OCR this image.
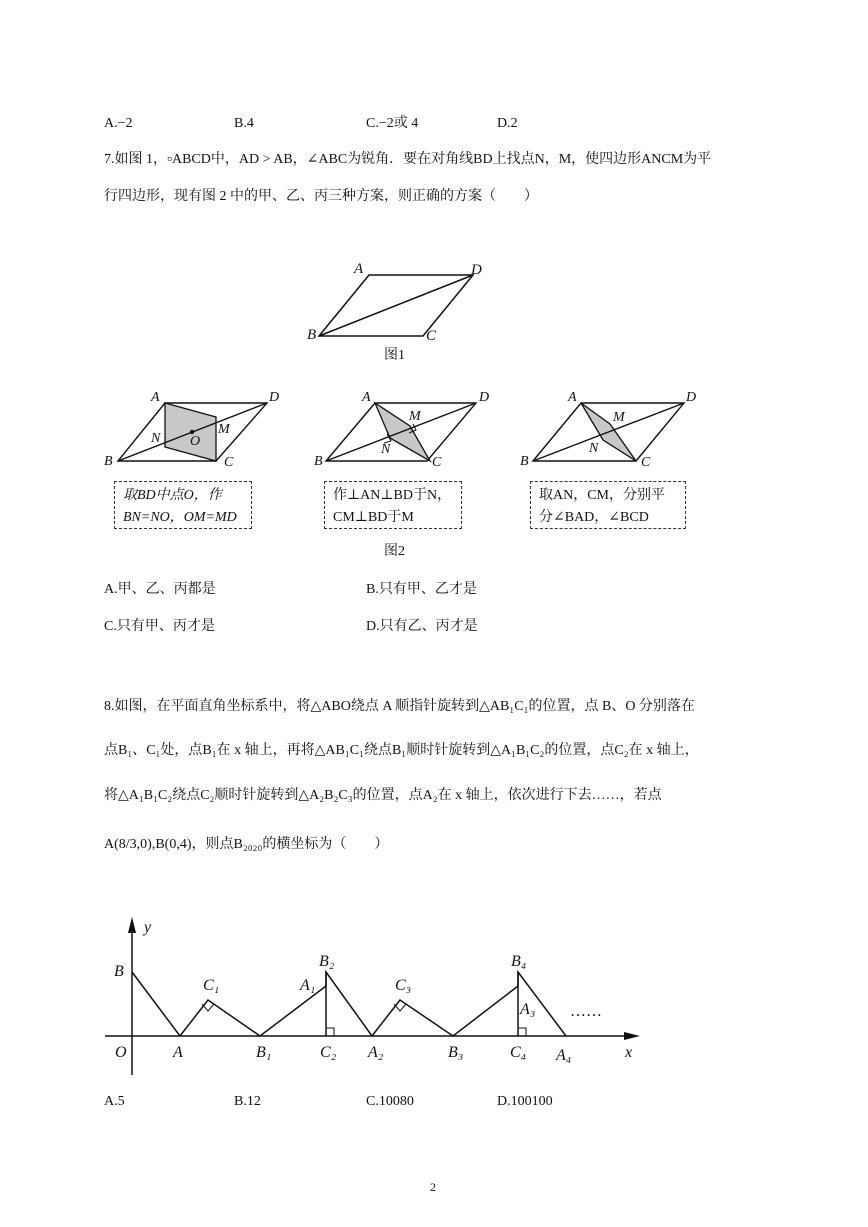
A.−2	B.4	C.−2或 4	D.2
7.如图 1，▫ABCD中，AD > AB，∠ABC为锐角．要在对角线BD上找点N，M，使四边形ANCM为平
行四边形，现有图 2 中的甲、乙、丙三种方案，则正确的方案（　　）
A	D
B	C
图1
A	D
B	C
M
N O
A	D
B	C
M
N
A	D
B	C
M
N
图2
y
x
O
B
A
C₁
B₁
A₁
B₂
C₂ A₂
C₃
B₃
B₄
A₃
C₄ A₄
……
取BD中点O，作
BN=NO，OM=MD
作⊥AN⊥BD于N，
CM⊥BD于M
取AN，CM，分别平
分∠BAD，∠BCD
A.甲、乙、丙都是	B.只有甲、乙才是
C.只有甲、丙才是	D.只有乙、丙才是
8.如图，在平面直角坐标系中，将△ABO绕点 A 顺指针旋转到△AB₁C₁的位置，点 B、O 分别落在
点B₁、C₁处，点B₁在 x 轴上，再将△AB₁C₁绕点B₁顺时针旋转到△A₁B₁C₂的位置，点C₂在 x 轴上，
将△A₁B₁C₂绕点C₂顺时针旋转到△A₂B₂C₃的位置，点A₂在 x 轴上，依次进行下去……，若点
A(8/3,0),B(0,4)，则点B₂₀₂₀的横坐标为（　　）
A.5	B.12	C.10080	D.100100
2
